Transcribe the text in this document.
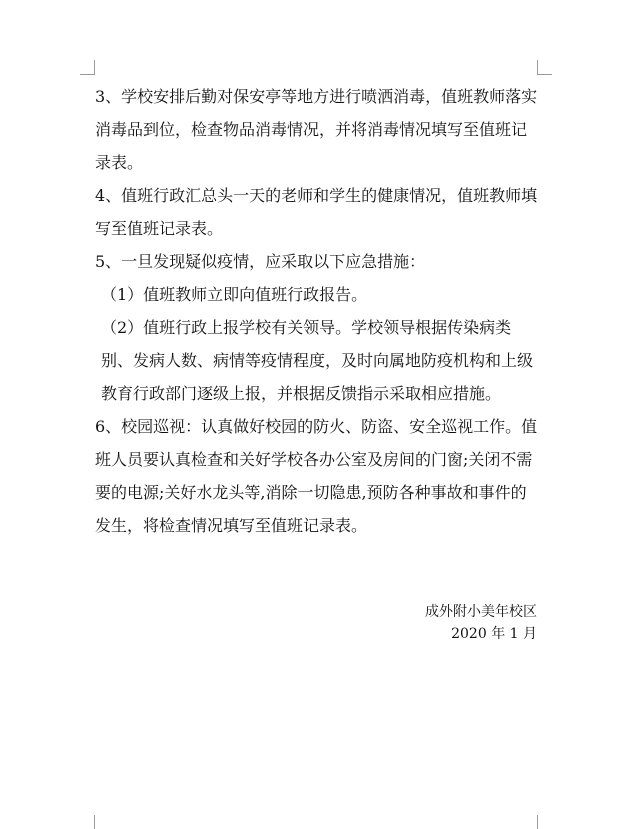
3、学校安排后勤对保安亭等地方进行喷洒消毒，值班教师落实消毒品到位，检查物品消毒情况，并将消毒情况填写至值班记录表。

4、值班行政汇总头一天的老师和学生的健康情况，值班教师填写至值班记录表。

5、一旦发现疑似疫情，应采取以下应急措施：

（1）值班教师立即向值班行政报告。

（2）值班行政上报学校有关领导。学校领导根据传染病类别、发病人数、病情等疫情程度，及时向属地防疫机构和上级教育行政部门逐级上报，并根据反馈指示采取相应措施。

6、校园巡视：认真做好校园的防火、防盗、安全巡视工作。值班人员要认真检查和关好学校各办公室及房间的门窗;关闭不需要的电源;关好水龙头等,消除一切隐患,预防各种事故和事件的发生，将检查情况填写至值班记录表。

成外附小美年校区
2020 年 1 月
